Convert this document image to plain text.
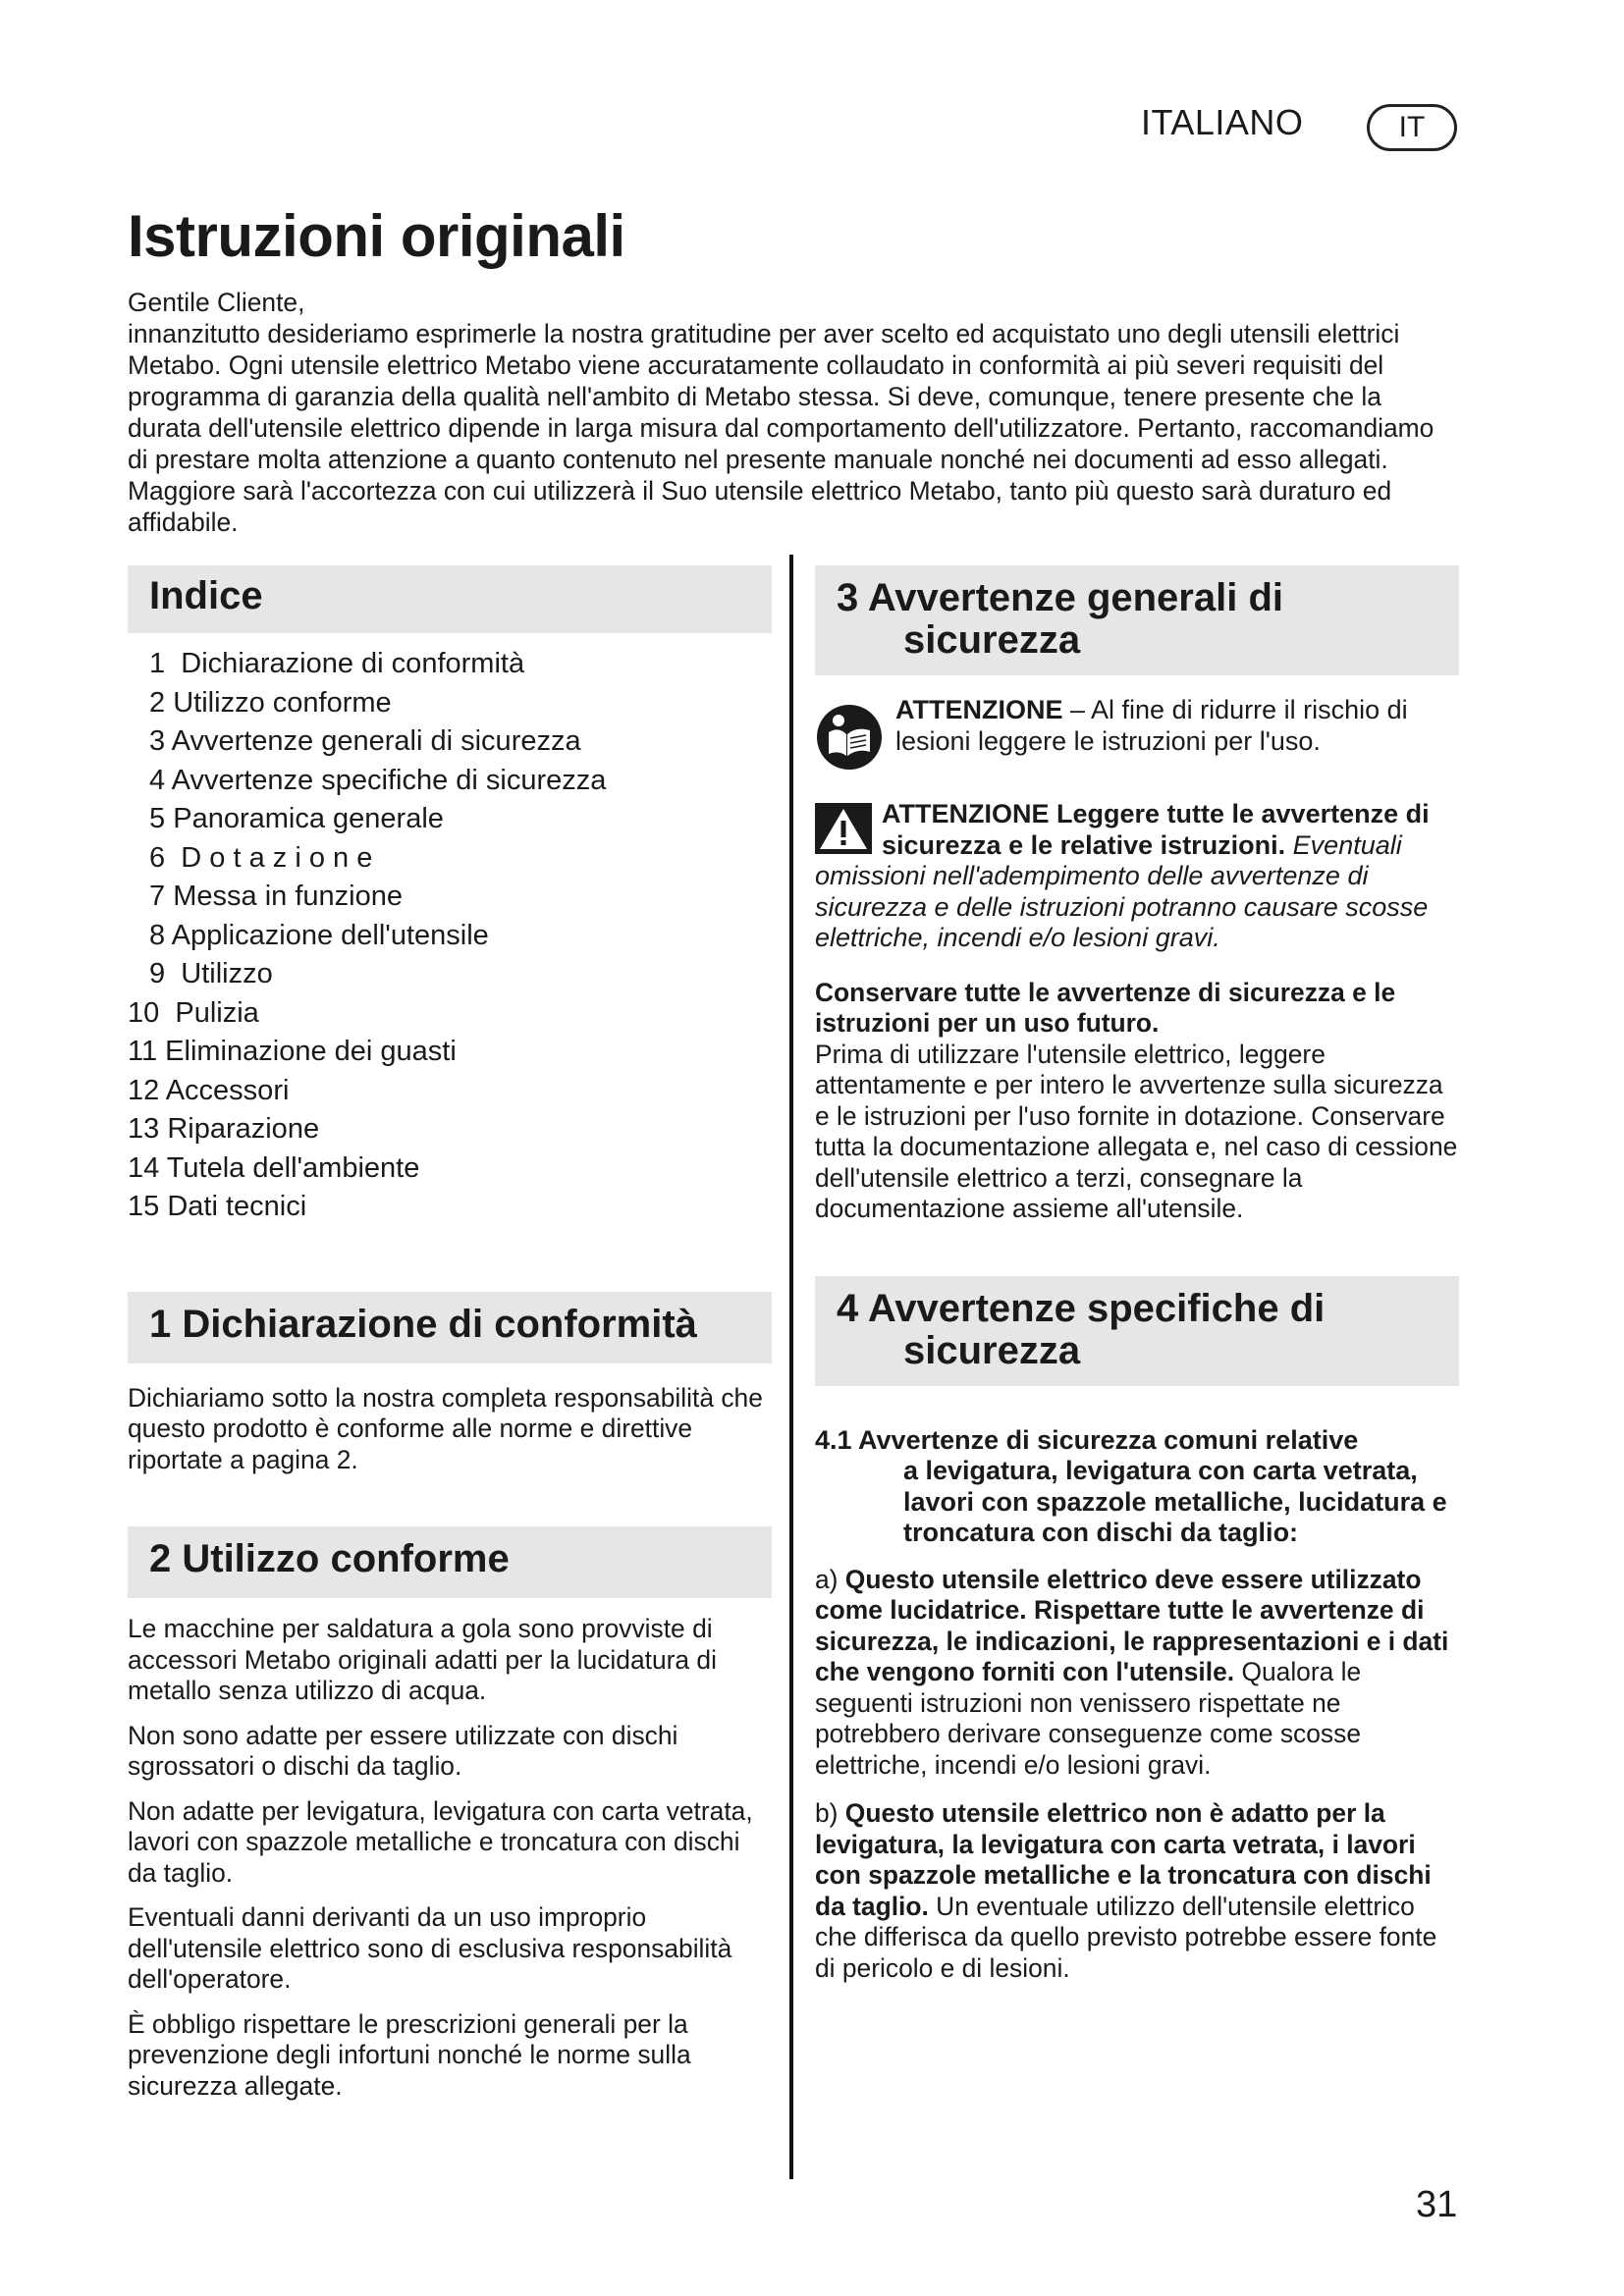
ITALIANO	IT
Istruzioni originali

Gentile Cliente,

innanzitutto desideriamo esprimerle la nostra gratitudine per aver scelto ed acquistato uno degli utensili elettrici Metabo. Ogni utensile elettrico Metabo viene accuratamente collaudato in conformità ai più severi requisiti del programma di garanzia della qualità nell'ambito di Metabo stessa. Si deve, comunque, tenere presente che la durata dell'utensile elettrico dipende in larga misura dal comportamento dell'utilizzatore. Pertanto, raccomandiamo di prestare molta attenzione a quanto contenuto nel presente manuale nonché nei documenti ad esso allegati. Maggiore sarà l'accortezza con cui utilizzerà il Suo utensile elettrico Metabo, tanto più questo sarà duraturo ed affidabile.

Indice
1  Dichiarazione di conformità
2 Utilizzo conforme
3 Avvertenze generali di sicurezza
4 Avvertenze specifiche di sicurezza
5 Panoramica generale
6  D o t a z i o n e
7 Messa in funzione
8 Applicazione dell'utensile
9  Utilizzo
10  Pulizia
11 Eliminazione dei guasti
12 Accessori
13 Riparazione
14 Tutela dell'ambiente
15 Dati tecnici
1 Dichiarazione di conformità

Dichiariamo sotto la nostra completa responsabilità che questo prodotto è conforme alle norme e direttive riportate a pagina 2.

2 Utilizzo conforme

Le macchine per saldatura a gola sono provviste di accessori Metabo originali adatti per la lucidatura di metallo senza utilizzo di acqua.

Non sono adatte per essere utilizzate con dischi sgrossatori o dischi da taglio.

Non adatte per levigatura, levigatura con carta vetrata, lavori con spazzole metalliche e troncatura con dischi da taglio.

Eventuali danni derivanti da un uso improprio dell'utensile elettrico sono di esclusiva responsabilità dell'operatore.

È obbligo rispettare le prescrizioni generali per la prevenzione degli infortuni nonché le norme sulla sicurezza allegate.

3 Avvertenze generali di
sicurezza

ATTENZIONE – Al fine di ridurre il rischio di lesioni leggere le istruzioni per l'uso.

ATTENZIONE Leggere tutte le avvertenze di sicurezza e le relative istruzioni. Eventuali omissioni nell'adempimento delle avvertenze di sicurezza e delle istruzioni potranno causare scosse elettriche, incendi e/o lesioni gravi.

Conservare tutte le avvertenze di sicurezza e le istruzioni per un uso futuro.

Prima di utilizzare l'utensile elettrico, leggere attentamente e per intero le avvertenze sulla sicurezza e le istruzioni per l'uso fornite in dotazione. Conservare tutta la documentazione allegata e, nel caso di cessione dell'utensile elettrico a terzi, consegnare la documentazione assieme all'utensile.

4 Avvertenze specifiche di
sicurezza
4.1 Avvertenze di sicurezza comuni relative
a levigatura, levigatura con carta vetrata, lavori con spazzole metalliche, lucidatura e troncatura con dischi da taglio:

a) Questo utensile elettrico deve essere utilizzato come lucidatrice. Rispettare tutte le avvertenze di sicurezza, le indicazioni, le rappresentazioni e i dati che vengono forniti con l'utensile. Qualora le seguenti istruzioni non venissero rispettate ne potrebbero derivare conseguenze come scosse elettriche, incendi e/o lesioni gravi.

b) Questo utensile elettrico non è adatto per la levigatura, la levigatura con carta vetrata, i lavori con spazzole metalliche e la troncatura con dischi da taglio. Un eventuale utilizzo dell'utensile elettrico che differisca da quello previsto potrebbe essere fonte di pericolo e di lesioni.

31
